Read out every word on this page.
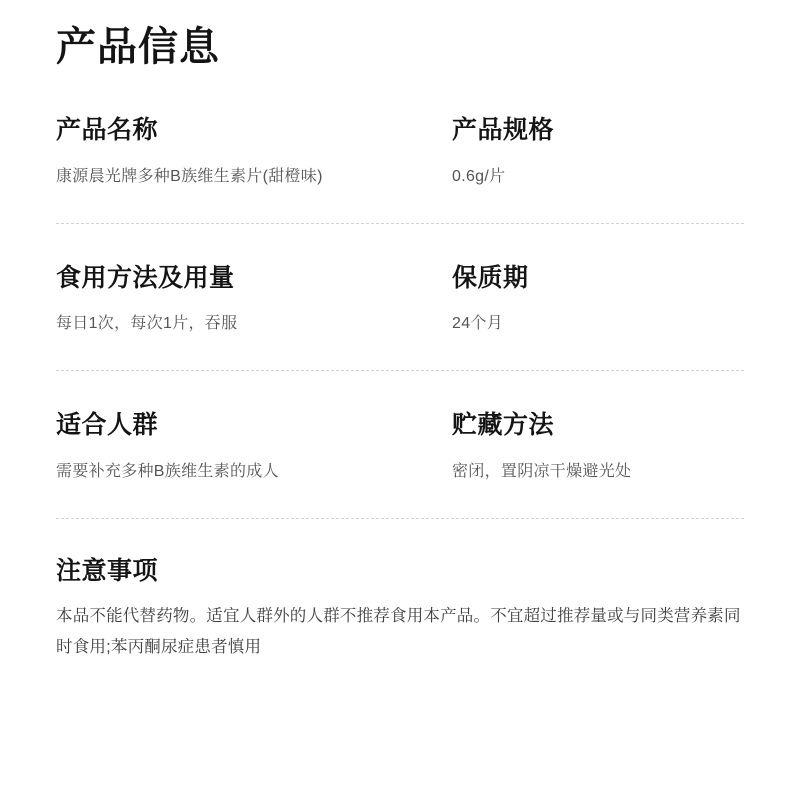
产品信息
产品名称
康源晨光牌多种B族维生素片(甜橙味)
产品规格
0.6g/片
食用方法及用量
每日1次，每次1片，吞服
保质期
24个月
适合人群
需要补充多种B族维生素的成人
贮藏方法
密闭，置阴凉干燥避光处
注意事项
本品不能代替药物。适宜人群外的人群不推荐食用本产品。不宜超过推荐量或与同类营养素同时食用;苯丙酮尿症患者慎用
